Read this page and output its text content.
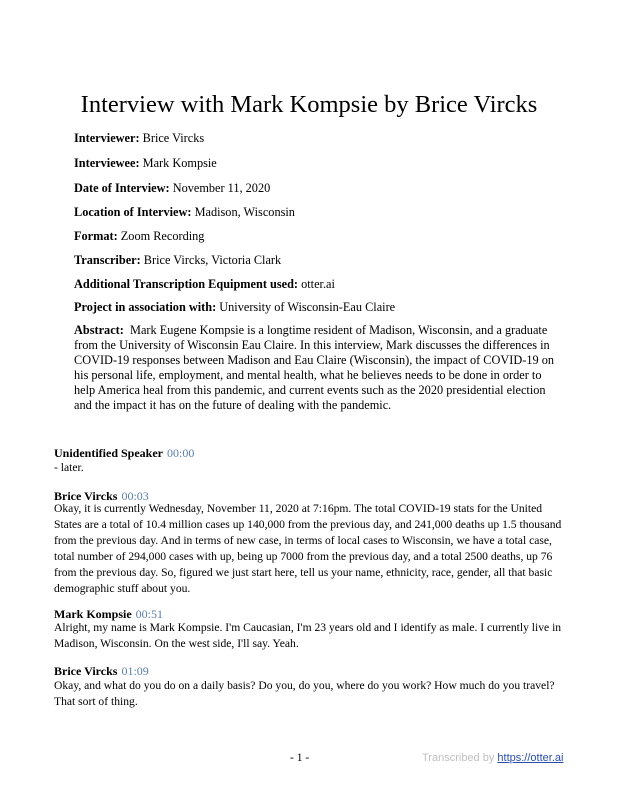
Interview with Mark Kompsie by Brice Vircks
Interviewer: Brice Vircks
Interviewee: Mark Kompsie
Date of Interview: November 11, 2020
Location of Interview: Madison, Wisconsin
Format: Zoom Recording
Transcriber: Brice Vircks, Victoria Clark
Additional Transcription Equipment used: otter.ai
Project in association with: University of Wisconsin-Eau Claire
Abstract: Mark Eugene Kompsie is a longtime resident of Madison, Wisconsin, and a graduate from the University of Wisconsin Eau Claire. In this interview, Mark discusses the differences in COVID-19 responses between Madison and Eau Claire (Wisconsin), the impact of COVID-19 on his personal life, employment, and mental health, what he believes needs to be done in order to help America heal from this pandemic, and current events such as the 2020 presidential election and the impact it has on the future of dealing with the pandemic.
Unidentified Speaker 00:00
- later.
Brice Vircks 00:03
Okay, it is currently Wednesday, November 11, 2020 at 7:16pm. The total COVID-19 stats for the United States are a total of 10.4 million cases up 140,000 from the previous day, and 241,000 deaths up 1.5 thousand from the previous day. And in terms of new case, in terms of local cases to Wisconsin, we have a total case, total number of 294,000 cases with up, being up 7000 from the previous day, and a total 2500 deaths, up 76 from the previous day. So, figured we just start here, tell us your name, ethnicity, race, gender, all that basic demographic stuff about you.
Mark Kompsie 00:51
Alright, my name is Mark Kompsie. I'm Caucasian, I'm 23 years old and I identify as male. I currently live in Madison, Wisconsin. On the west side, I'll say. Yeah.
Brice Vircks 01:09
Okay, and what do you do on a daily basis? Do you, do you, where do you work? How much do you travel? That sort of thing.
- 1 -	Transcribed by https://otter.ai
